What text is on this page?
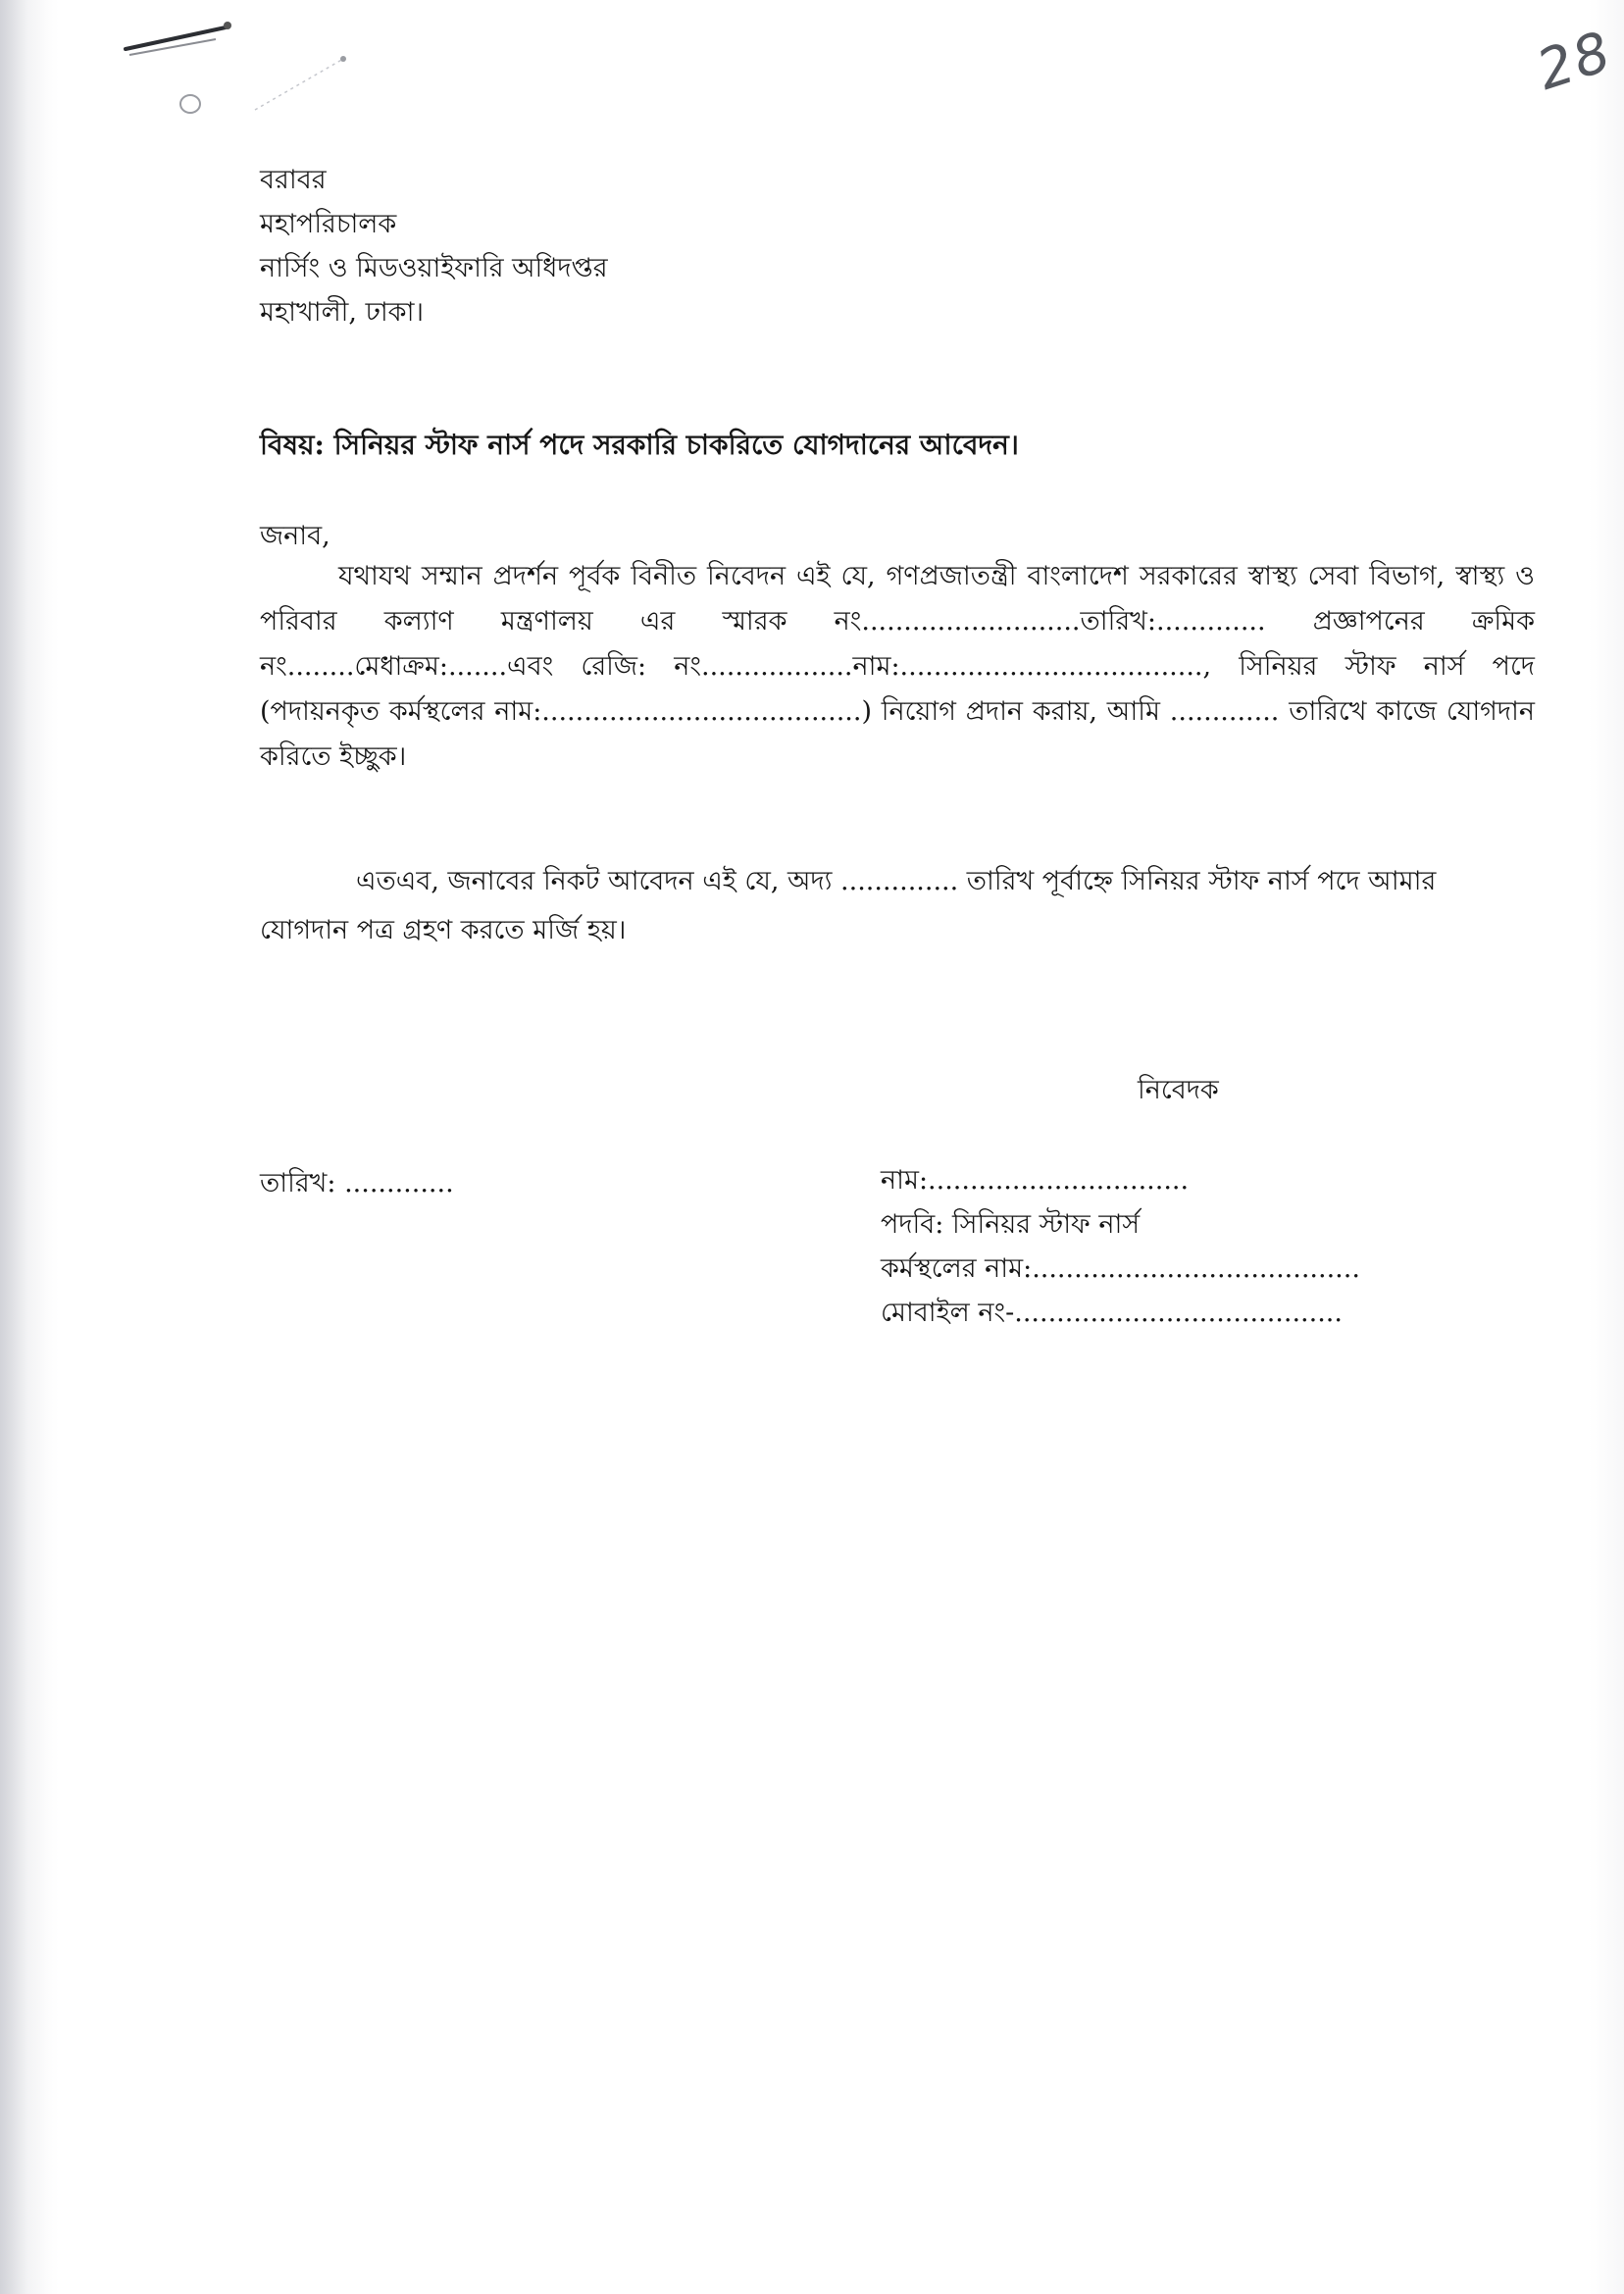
28
বরাবর
মহাপরিচালক
নার্সিং ও মিডওয়াইফারি অধিদপ্তর
মহাখালী, ঢাকা।
বিষয়: সিনিয়র স্টাফ নার্স পদে সরকারি চাকরিতে যোগদানের আবেদন।
জনাব,
যথাযথ সম্মান প্রদর্শন পূর্বক বিনীত নিবেদন এই যে, গণপ্রজাতন্ত্রী বাংলাদেশ সরকারের স্বাস্থ্য সেবা বিভাগ, স্বাস্থ্য ও পরিবার কল্যাণ মন্ত্রণালয় এর স্মারক নং..........................তারিখ:............. প্রজ্ঞাপনের ক্রমিক নং........মেধাক্রম:.......এবং রেজি: নং..................নাম:...................................., সিনিয়র স্টাফ নার্স পদে (পদায়নকৃত কর্মস্থলের নাম:......................................) নিয়োগ প্রদান করায়, আমি ............. তারিখে কাজে যোগদান করিতে ইচ্ছুক।
এতএব, জনাবের নিকট আবেদন এই যে, অদ্য .............. তারিখ পূর্বাহ্নে সিনিয়র স্টাফ নার্স পদে আমার যোগদান পত্র গ্রহণ করতে মর্জি হয়।
নিবেদক
তারিখ: .............	নাম:...............................
পদবি: সিনিয়র স্টাফ নার্স
কর্মস্থলের নাম:.......................................
মোবাইল নং-.......................................
